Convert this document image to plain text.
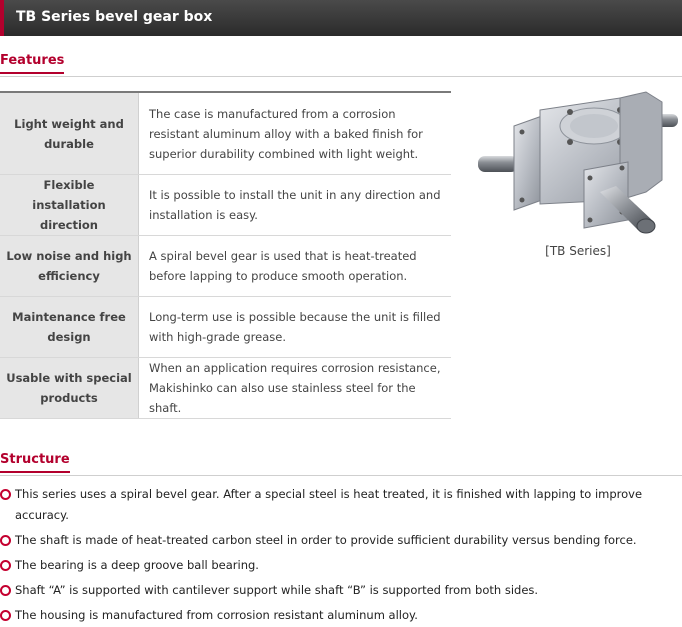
TB Series bevel gear box
Features
Light weight and durable
The case is manufactured from a corrosion resistant aluminum alloy with a baked finish for superior durability combined with light weight.
Flexible installation direction
It is possible to install the unit in any direction and installation is easy.
Low noise and high efficiency
A spiral bevel gear is used that is heat-treated before lapping to produce smooth operation.
Maintenance free design
Long-term use is possible because the unit is filled with high-grade grease.
Usable with special products
When an application requires corrosion resistance, Makishinko can also use stainless steel for the shaft.
[TB Series]
Structure
This series uses a spiral bevel gear. After a special steel is heat treated, it is finished with lapping to improve accuracy.
The shaft is made of heat-treated carbon steel in order to provide sufficient durability versus bending force.
The bearing is a deep groove ball bearing.
Shaft “A” is supported with cantilever support while shaft “B” is supported from both sides.
The housing is manufactured from corrosion resistant aluminum alloy.
